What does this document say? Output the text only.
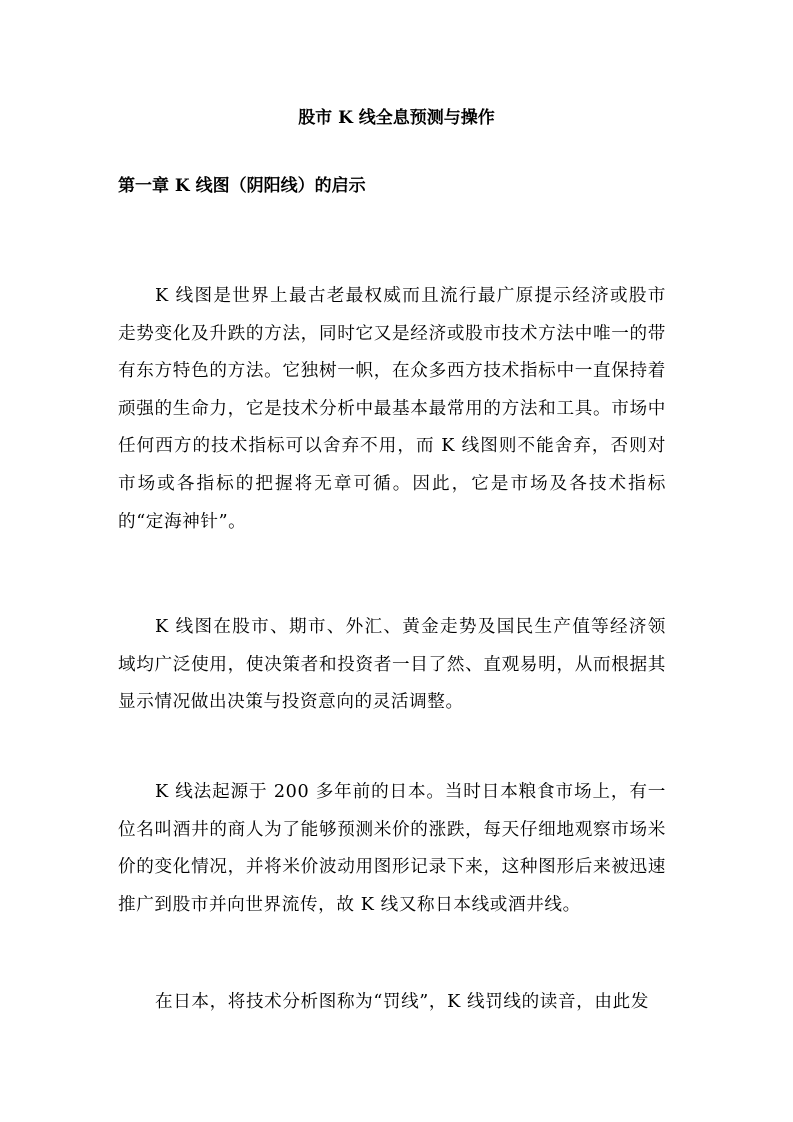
股市 K 线全息预测与操作
第一章 K 线图（阴阳线）的启示

K 线图是世界上最古老最权威而且流行最广原提示经济或股市走势变化及升跌的方法，同时它又是经济或股市技术方法中唯一的带有东方特色的方法。它独树一帜，在众多西方技术指标中一直保持着顽强的生命力，它是技术分析中最基本最常用的方法和工具。市场中任何西方的技术指标可以舍弃不用，而 K 线图则不能舍弃，否则对市场或各指标的把握将无章可循。因此，它是市场及各技术指标的“定海神针”。

K 线图在股市、期市、外汇、黄金走势及国民生产值等经济领域均广泛使用，使决策者和投资者一目了然、直观易明，从而根据其显示情况做出决策与投资意向的灵活调整。

K 线法起源于 200 多年前的日本。当时日本粮食市场上，有一位名叫酒井的商人为了能够预测米价的涨跌，每天仔细地观察市场米价的变化情况，并将米价波动用图形记录下来，这种图形后来被迅速推广到股市并向世界流传，故 K 线又称日本线或酒井线。

在日本，将技术分析图称为“罚线”，K 线罚线的读音，由此发
